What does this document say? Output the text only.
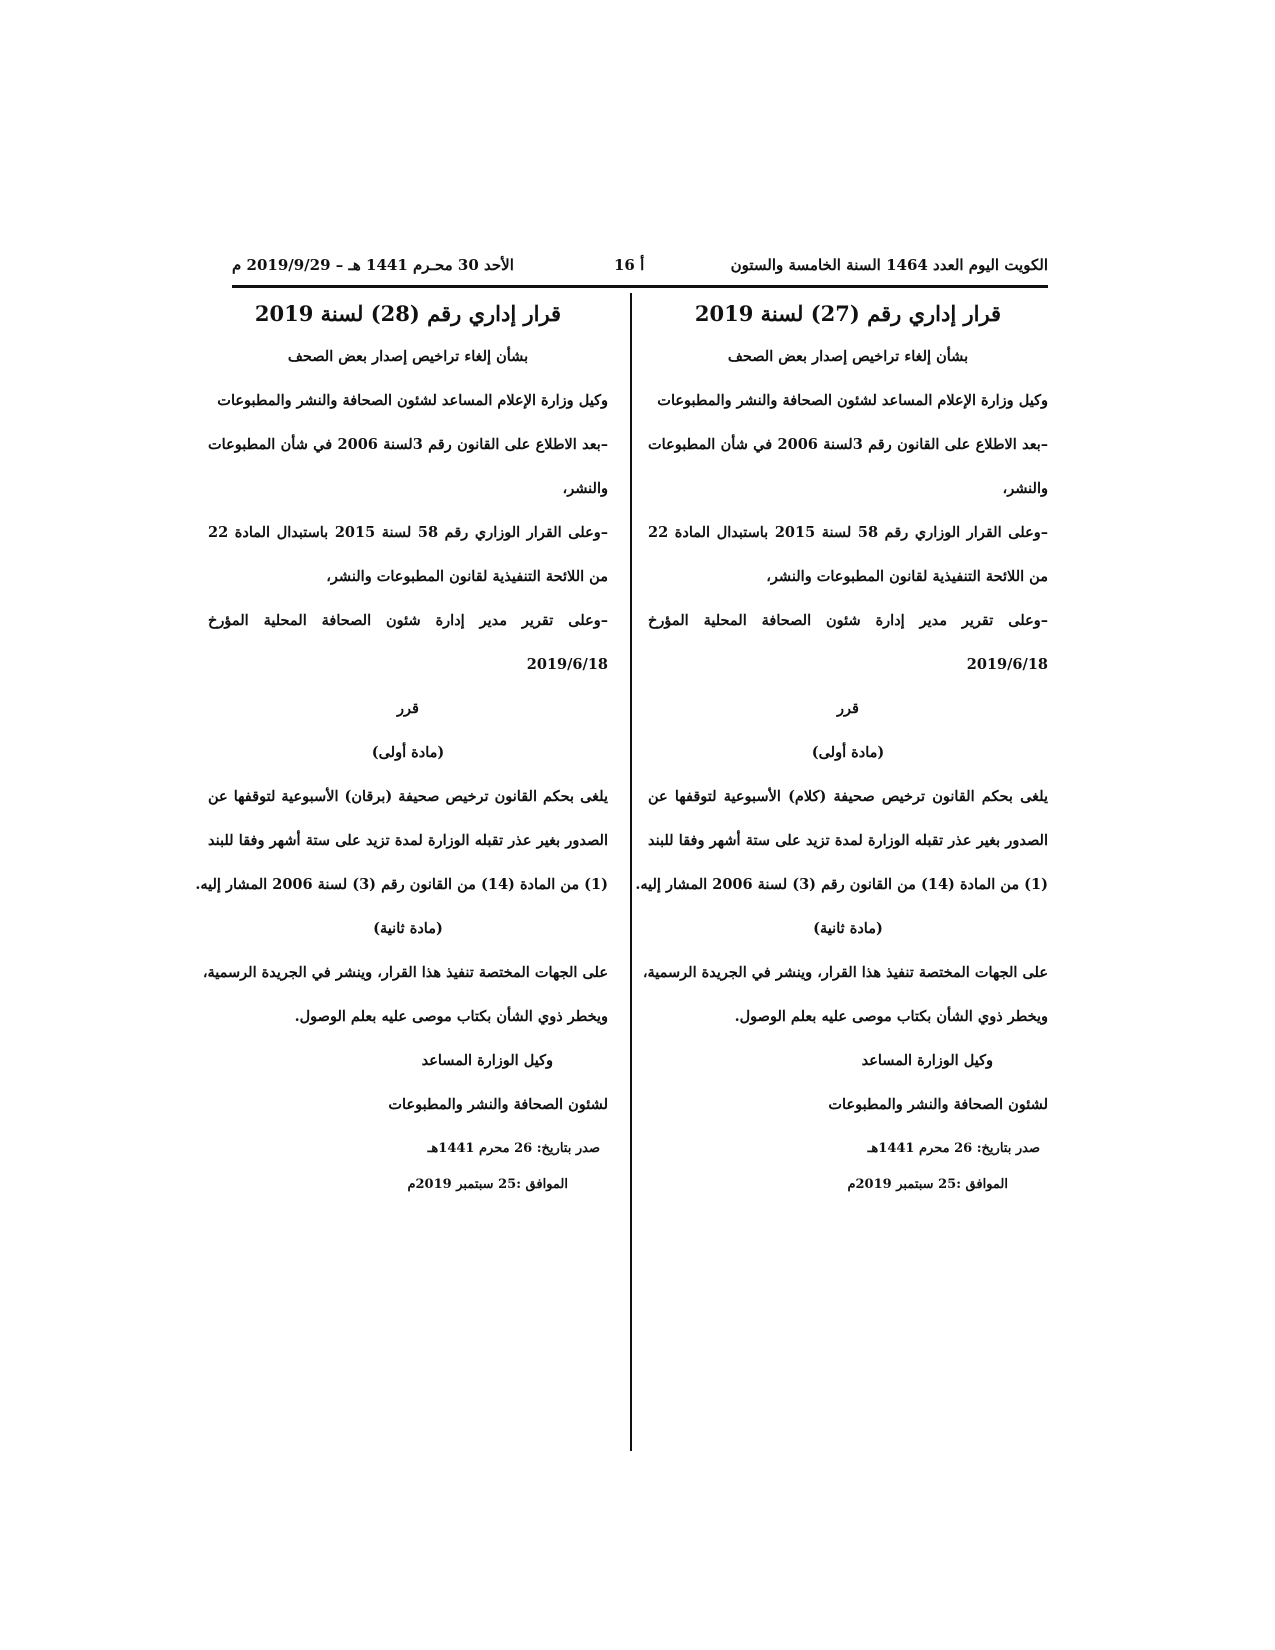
الكويت اليوم العدد 1464 السنة الخامسة والستون
أ 16
الأحد 30 محـرم 1441 هـ – 2019/9/29 م
قرار إداري رقم (27) لسنة 2019
بشأن إلغاء تراخيص إصدار بعض الصحف
وكيل وزارة الإعلام المساعد لشئون الصحافة والنشر والمطبوعات
–بعد الاطلاع على القانون رقم 3لسنة 2006 في شأن المطبوعات
والنشر،
–وعلى القرار الوزاري رقم 58 لسنة 2015 باستبدال المادة 22
من اللائحة التنفيذية لقانون المطبوعات والنشر،
–وعلى تقرير مدير إدارة شئون الصحافة المحلية المؤرخ
2019/6/18
قرر
(مادة أولى)
يلغى بحكم القانون ترخيص صحيفة (كلام) الأسبوعية لتوقفها عن
الصدور بغير عذر تقبله الوزارة لمدة تزيد على ستة أشهر وفقا للبند
(1) من المادة (14) من القانون رقم (3) لسنة 2006 المشار إليه.
(مادة ثانية)
على الجهات المختصة تنفيذ هذا القرار، وينشر في الجريدة الرسمية،
ويخطر ذوي الشأن بكتاب موصى عليه بعلم الوصول.
وكيل الوزارة المساعد
لشئون الصحافة والنشر والمطبوعات
صدر بتاريخ: 26 محرم 1441هـ
الموافق :25 سبتمبر 2019م
قرار إداري رقم (28) لسنة 2019
بشأن إلغاء تراخيص إصدار بعض الصحف
وكيل وزارة الإعلام المساعد لشئون الصحافة والنشر والمطبوعات
–بعد الاطلاع على القانون رقم 3لسنة 2006 في شأن المطبوعات
والنشر،
–وعلى القرار الوزاري رقم 58 لسنة 2015 باستبدال المادة 22
من اللائحة التنفيذية لقانون المطبوعات والنشر،
–وعلى تقرير مدير إدارة شئون الصحافة المحلية المؤرخ
2019/6/18
قرر
(مادة أولى)
يلغى بحكم القانون ترخيص صحيفة (برقان) الأسبوعية لتوقفها عن
الصدور بغير عذر تقبله الوزارة لمدة تزيد على ستة أشهر وفقا للبند
(1) من المادة (14) من القانون رقم (3) لسنة 2006 المشار إليه.
(مادة ثانية)
على الجهات المختصة تنفيذ هذا القرار، وينشر في الجريدة الرسمية،
ويخطر ذوي الشأن بكتاب موصى عليه بعلم الوصول.
وكيل الوزارة المساعد
لشئون الصحافة والنشر والمطبوعات
صدر بتاريخ: 26 محرم 1441هـ
الموافق :25 سبتمبر 2019م
